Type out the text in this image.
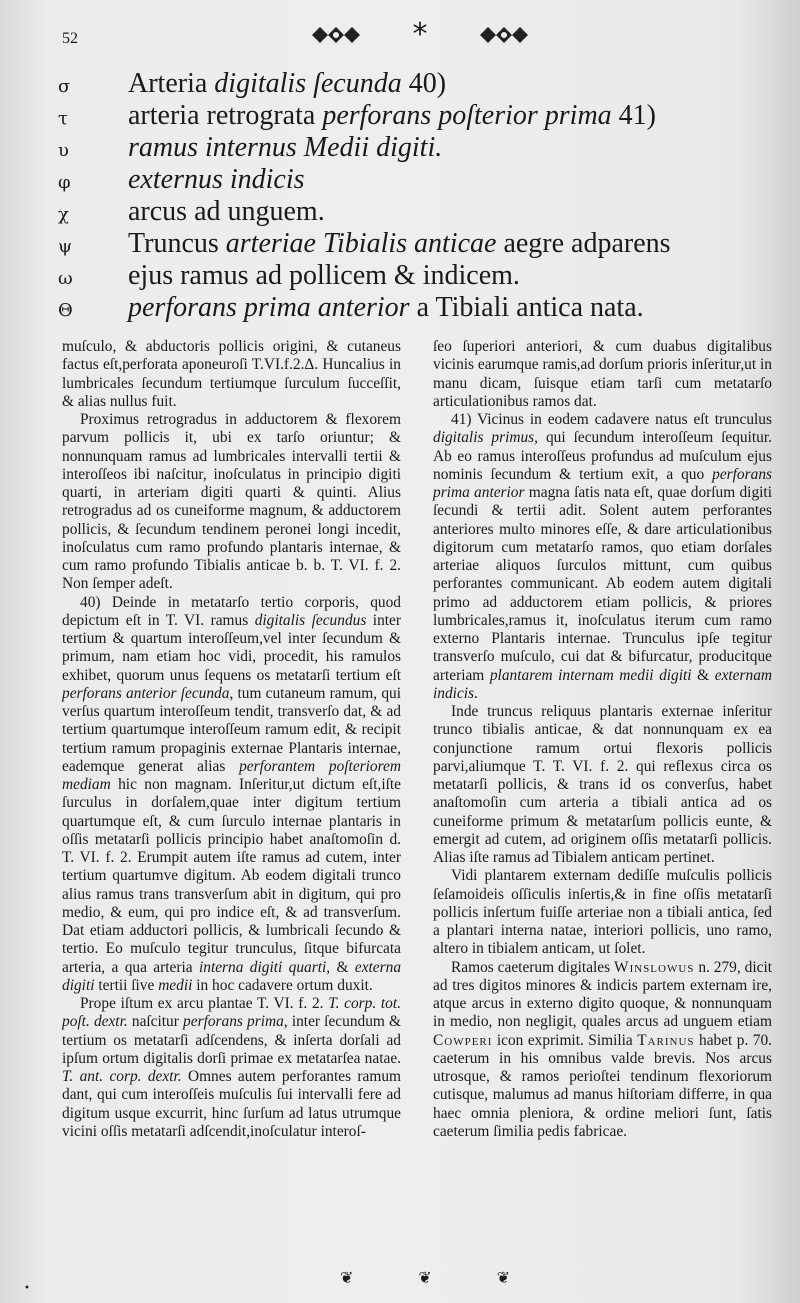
52	*
σ	Arteria digitalis ſecunda 40)
τ	arteria retrograta perforans poſterior prima 41)
υ	ramus internus Medii digiti.
φ	externus indicis
χ	arcus ad unguem.
ψ	Truncus arteriae Tibialis anticae aegre adparens
ω	ejus ramus ad pollicem & indicem.
Θ	perforans prima anterior a Tibiali antica nata.

muſculo, & abductoris pollicis origini, & cutaneus factus eſt,perforata aponeuroſi T.VI.f.2.Δ. Huncalius in lumbricales ſecundum tertiumque ſurculum ſucceſſit, & alias nullus fuit.

Proximus retrogradus in adductorem & flexorem parvum pollicis it, ubi ex tarſo oriuntur; & nonnunquam ramus ad lumbricales intervalli tertii & interoſſeos ibi naſcitur, inoſculatus in principio digiti quarti, in arteriam digiti quarti & quinti. Alius retrogradus ad os cuneiforme magnum, & adductorem pollicis, & ſecundum tendinem peronei longi incedit, inoſculatus cum ramo profundo plantaris internae, & cum ramo profundo Tibialis anticae b. b. T. VI. f. 2. Non ſemper adeſt.

40) Deinde in metatarſo tertio corporis, quod depictum eſt in T. VI. ramus digitalis ſecundus inter tertium & quartum interoſſeum,vel inter ſecundum & primum, nam etiam hoc vidi, procedit, his ramulos exhibet, quorum unus ſequens os metatarſi tertium eſt perforans anterior ſecunda, tum cutaneum ramum, qui verſus quartum interoſſeum tendit, transverſo dat, & ad tertium quartumque interoſſeum ramum edit, & recipit tertium ramum propaginis externae Plantaris internae, eademque generat alias perforantem poſteriorem mediam hic non magnam. Inſeritur,ut dictum eſt,iſte ſurculus in dorſalem,quae inter digitum tertium quartumque eſt, & cum ſurculo internae plantaris in oſſis metatarſi pollicis principio habet anaſtomoſin d. T. VI. f. 2. Erumpit autem iſte ramus ad cutem, inter tertium quartumve digitum. Ab eodem digitali trunco alius ramus trans transverſum abit in digitum, qui pro medio, & eum, qui pro indice eſt, & ad transverſum. Dat etiam adductori pollicis, & lumbricali ſecundo & tertio. Eo muſculo tegitur trunculus, ſitque bifurcata arteria, a qua arteria interna digiti quarti, & externa digiti tertii ſive medii in hoc cadavere ortum duxit.

Prope iſtum ex arcu plantae T. VI. f. 2. T. corp. tot. poſt. dextr. naſcitur perforans prima, inter ſecundum & tertium os metatarſi adſcendens, & inſerta dorſali ad ipſum ortum digitalis dorſi primae ex metatarſea natae. T. ant. corp. dextr. Omnes autem perforantes ramum dant, qui cum interoſſeis muſculis ſui intervalli fere ad digitum usque excurrit, hinc ſurſum ad latus utrumque vicini oſſis metatarſi adſcendit,inoſculatur interoſ-

ſeo ſuperiori anteriori, & cum duabus digitalibus vicinis earumque ramis,ad dorſum prioris inſeritur,ut in manu dicam, ſuisque etiam tarſi cum metatarſo articulationibus ramos dat.

41) Vicinus in eodem cadavere natus eſt trunculus digitalis primus, qui ſecundum interoſſeum ſequitur. Ab eo ramus interoſſeus profundus ad muſculum ejus nominis ſecundum & tertium exit, a quo perforans prima anterior magna ſatis nata eſt, quae dorſum digiti ſecundi & tertii adit. Solent autem perforantes anteriores multo minores eſſe, & dare articulationibus digitorum cum metatarſo ramos, quo etiam dorſales arteriae aliquos ſurculos mittunt, cum quibus perforantes communicant. Ab eodem autem digitali primo ad adductorem etiam pollicis, & priores lumbricales,ramus it, inoſculatus iterum cum ramo externo Plantaris internae. Trunculus ipſe tegitur transverſo muſculo, cui dat & bifurcatur, producitque arteriam plantarem internam medii digiti & externam indicis.

Inde truncus reliquus plantaris externae inſeritur trunco tibialis anticae, & dat nonnunquam ex ea conjunctione ramum ortui flexoris pollicis parvi,aliumque T. T. VI. f. 2. qui reflexus circa os metatarſi pollicis, & trans id os converſus, habet anaſtomoſin cum arteria a tibiali antica ad os cuneiforme primum & metatarſum pollicis eunte, & emergit ad cutem, ad originem oſſis metatarſi pollicis. Alias iſte ramus ad Tibialem anticam pertinet.

Vidi plantarem externam dediſſe muſculis pollicis ſeſamoideis oſſiculis inſertis,& in fine oſſis metatarſi pollicis inſertum fuiſſe arteriae non a tibiali antica, ſed a plantari interna natae, interiori pollicis, uno ramo, altero in tibialem anticam, ut ſolet.

Ramos caeterum digitales Winslowus n. 279, dicit ad tres digitos minores & indicis partem externam ire, atque arcus in externo digito quoque, & nonnunquam in medio, non negligit, quales arcus ad unguem etiam Cowperi icon exprimit. Similia Tarinus habet p. 70. caeterum in his omnibus valde brevis. Nos arcus utrosque, & ramos perioſtei tendinum flexoriorum cutisque, malumus ad manus hiſtoriam differre, in qua haec omnia pleniora, & ordine meliori ſunt, ſatis caeterum ſimilia pedis fabricae.

❦	❦	❦
•
